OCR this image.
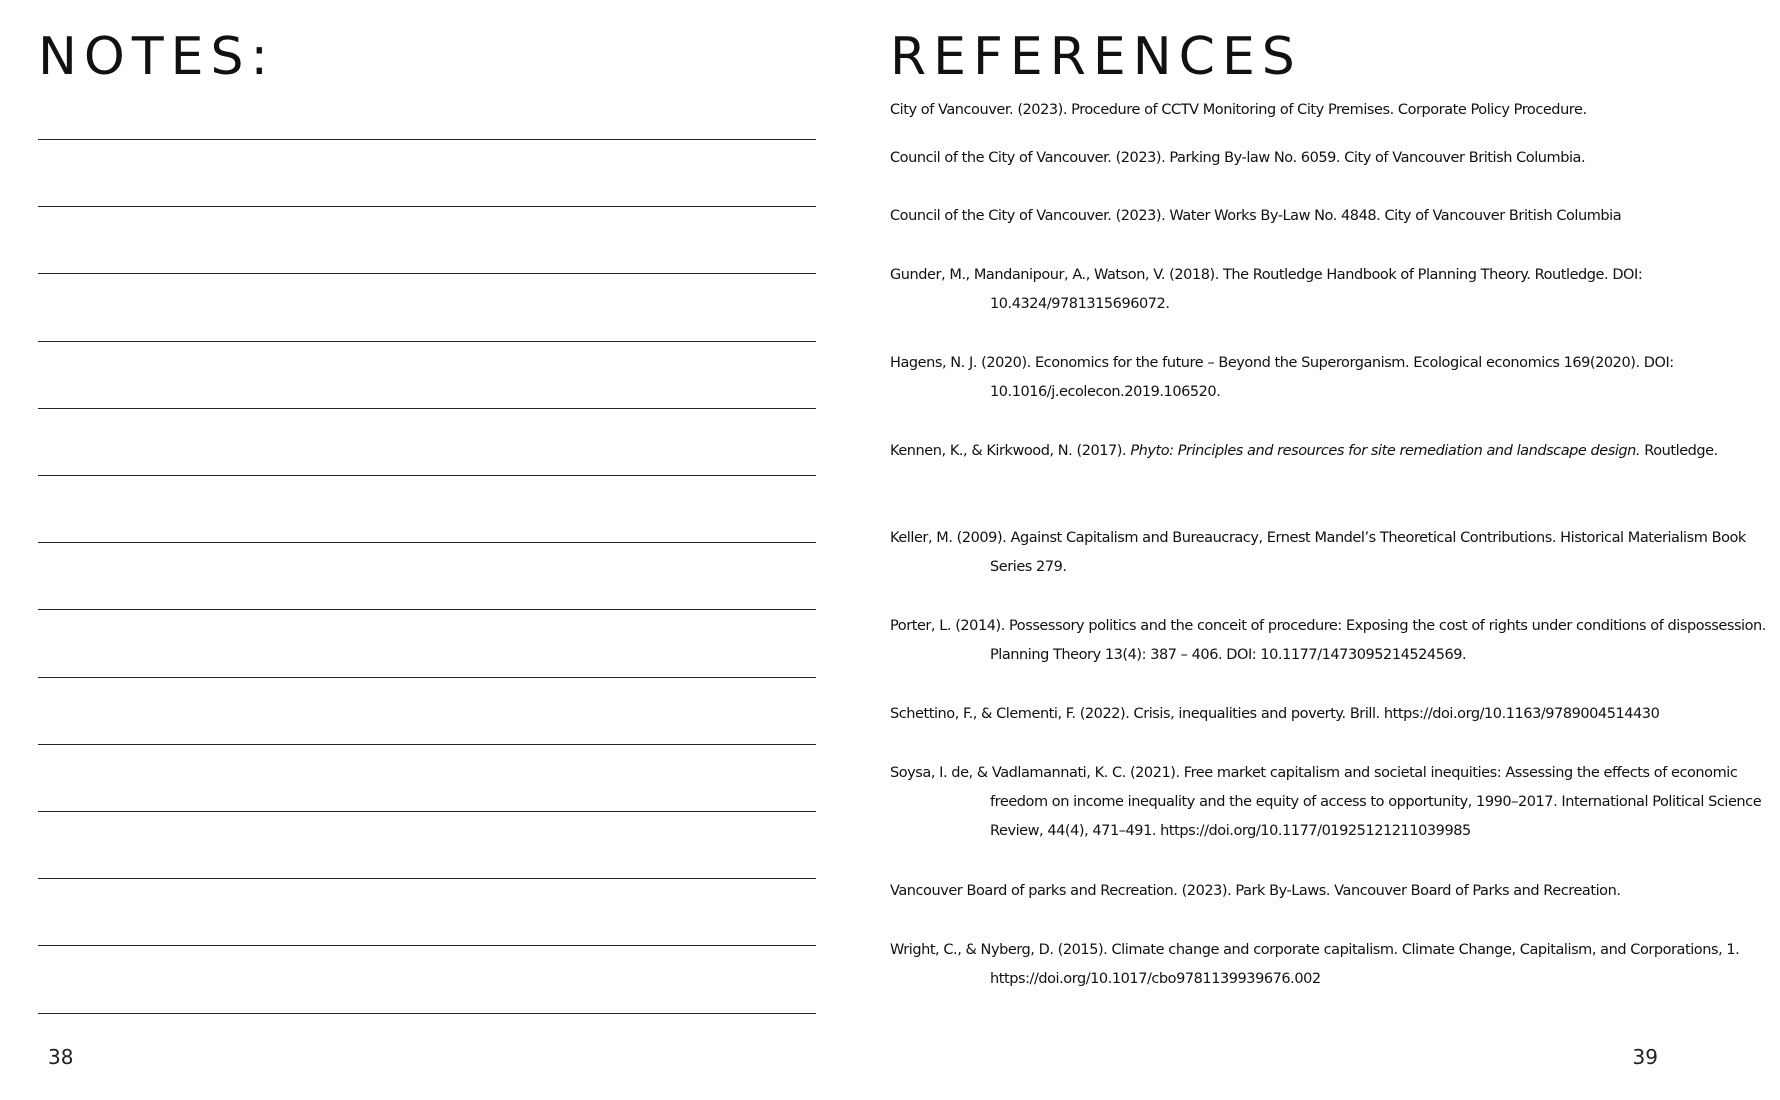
NOTES:
38
REFERENCES
City of Vancouver. (2023). Procedure of CCTV Monitoring of City Premises. Corporate Policy Procedure.
Council of the City of Vancouver. (2023). Parking By-law No. 6059. City of Vancouver British Columbia.
Council of the City of Vancouver. (2023). Water Works By-Law No. 4848. City of Vancouver British Columbia
Gunder, M., Mandanipour, A., Watson, V. (2018). The Routledge Handbook of Planning Theory. Routledge. DOI: 10.4324/9781315696072.
Hagens, N. J. (2020). Economics for the future – Beyond the Superorganism. Ecological economics 169(2020). DOI: 10.1016/j.ecolecon.2019.106520.
Kennen, K., & Kirkwood, N. (2017). Phyto: Principles and resources for site remediation and landscape design. Routledge.
Keller, M. (2009). Against Capitalism and Bureaucracy, Ernest Mandel’s Theoretical Contributions. Historical Materialism Book Series 279.
Porter, L. (2014). Possessory politics and the conceit of procedure: Exposing the cost of rights under conditions of dispossession. Planning Theory 13(4): 387 – 406. DOI: 10.1177/1473095214524569.
Schettino, F., & Clementi, F. (2022). Crisis, inequalities and poverty. Brill. https://doi.org/10.1163/9789004514430
Soysa, I. de, & Vadlamannati, K. C. (2021). Free market capitalism and societal inequities: Assessing the effects of economic freedom on income inequality and the equity of access to opportunity, 1990–2017. International Political Science Review, 44(4), 471–491. https://doi.org/10.1177/01925121211039985
Vancouver Board of parks and Recreation. (2023). Park By-Laws. Vancouver Board of Parks and Recreation.
Wright, C., & Nyberg, D. (2015). Climate change and corporate capitalism. Climate Change, Capitalism, and Corporations, 1. https://doi.org/10.1017/cbo9781139939676.002
39
